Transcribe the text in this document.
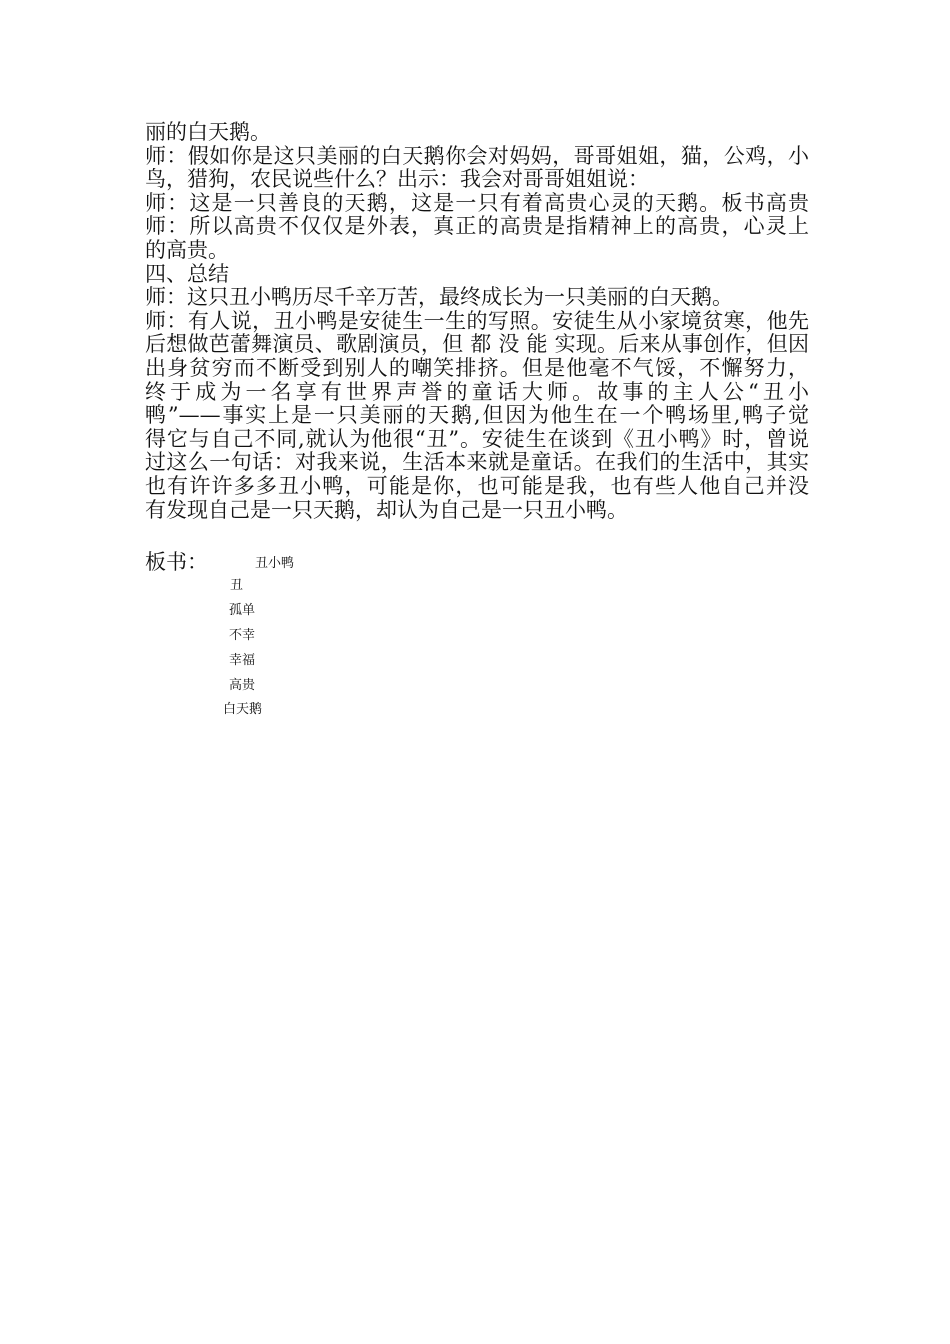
丽的白天鹅。
师：假如你是这只美丽的白天鹅你会对妈妈，哥哥姐姐，猫，公鸡，小
鸟，猎狗，农民说些什么？出示：我会对哥哥姐姐说：
师：这是一只善良的天鹅，这是一只有着高贵心灵的天鹅。板书高贵
师：所以高贵不仅仅是外表，真正的高贵是指精神上的高贵，心灵上
的高贵。
四、总结
师：这只丑小鸭历尽千辛万苦，最终成长为一只美丽的白天鹅。
师：有人说，丑小鸭是安徒生一生的写照。安徒生从小家境贫寒，他先
后想做芭蕾舞演员、歌剧演员，但 都 没 能 实现。后来从事创作，但因
出身贫穷而不断受到别人的嘲笑排挤。但是他毫不气馁，不懈努力，
终于成为一名享有世界声誉的童话大师。故事的主人公“丑小
鸭”——事实上是一只美丽的天鹅,但因为他生在一个鸭场里,鸭子觉
得它与自己不同,就认为他很“丑”。安徒生在谈到《丑小鸭》时，曾说
过这么一句话：对我来说，生活本来就是童话。在我们的生活中，其实
也有许许多多丑小鸭，可能是你，也可能是我，也有些人他自己并没
有发现自己是一只天鹅，却认为自己是一只丑小鸭。
板书：	丑小鸭
丑
孤单
不幸
幸福
高贵
白天鹅
